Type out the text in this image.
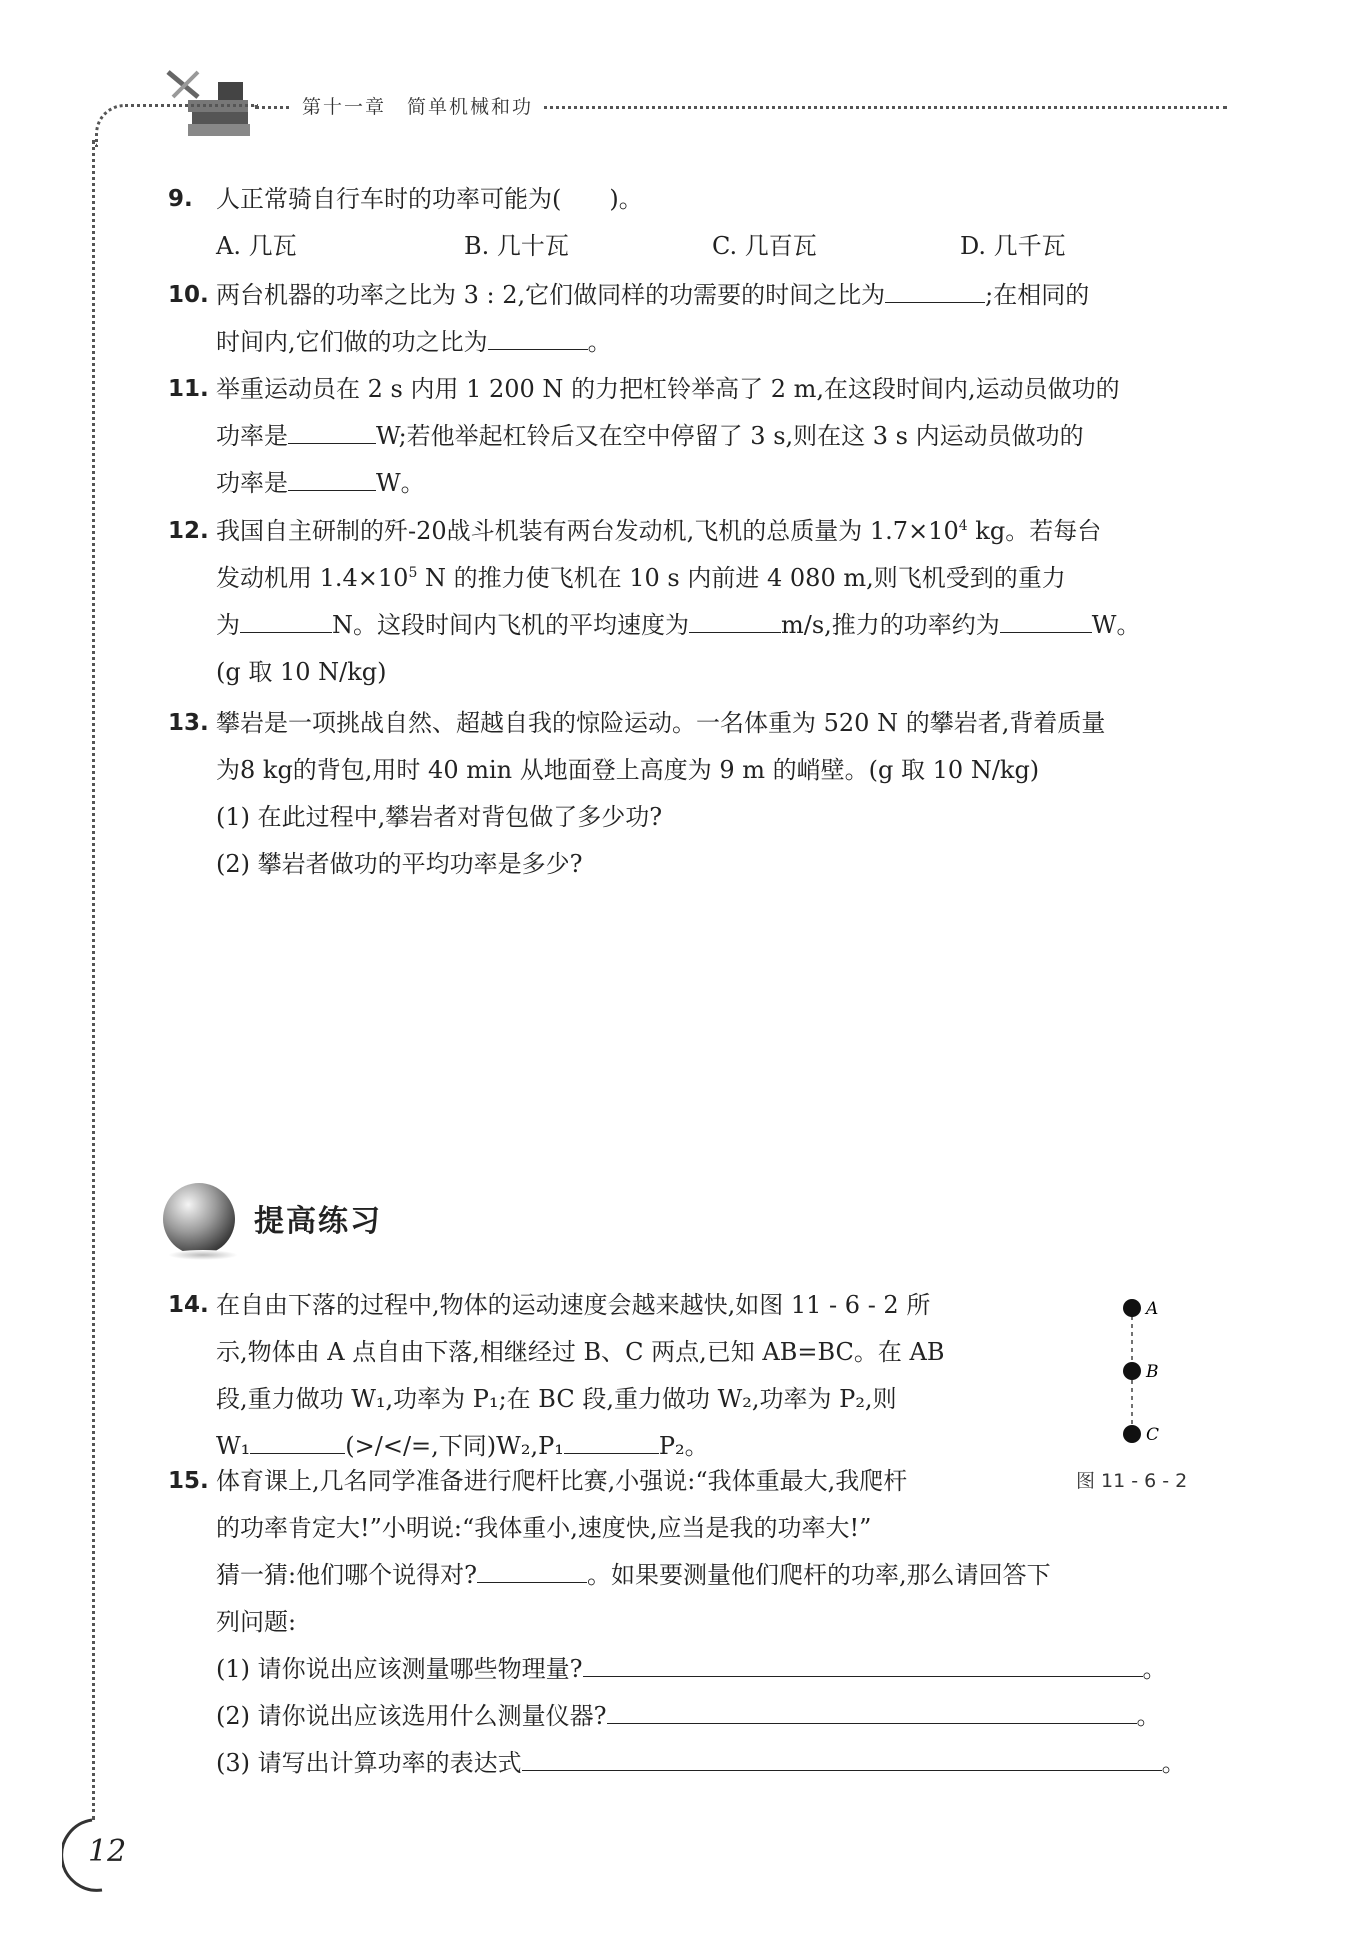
第十一章　简单机械和功
9. 人正常骑自行车时的功率可能为(　　)。
A. 几瓦	B. 几十瓦	C. 几百瓦	D. 几千瓦
10. 两台机器的功率之比为 3 : 2,它们做同样的功需要的时间之比为	;在相同的
时间内,它们做的功之比为	。
11. 举重运动员在 2 s 内用 1 200 N 的力把杠铃举高了 2 m,在这段时间内,运动员做功的
功率是	W;若他举起杠铃后又在空中停留了 3 s,则在这 3 s 内运动员做功的
功率是	W。
12. 我国自主研制的歼-20战斗机装有两台发动机,飞机的总质量为 $1.7\times 10^4$ kg。若每台
发动机用 $1.4\times 10^5$ N 的推力使飞机在 10 s 内前进 4 080 m,则飞机受到的重力
为	N。这段时间内飞机的平均速度为	m/s,推力的功率约为	W。
(g 取 10 N/kg)
13. 攀岩是一项挑战自然、超越自我的惊险运动。一名体重为 520 N 的攀岩者,背着质量
为8 kg的背包,用时 40 min 从地面登上高度为 9 m 的峭壁。(g 取 10 N/kg)
(1) 在此过程中,攀岩者对背包做了多少功?
(2) 攀岩者做功的平均功率是多少?
提高练习
14. 在自由下落的过程中,物体的运动速度会越来越快,如图 11 - 6 - 2 所
示,物体由 A 点自由下落,相继经过 B、C 两点,已知 AB=BC。在 AB
段,重力做功 W₁,功率为 P₁;在 BC 段,重力做功 W₂,功率为 P₂,则
W₁	(>/</=,下同)W₂,P₁	P₂。
A
B
C
图 11 - 6 - 2
15. 体育课上,几名同学准备进行爬杆比赛,小强说:“我体重最大,我爬杆
的功率肯定大!”小明说:“我体重小,速度快,应当是我的功率大!”
猜一猜:他们哪个说得对?	。如果要测量他们爬杆的功率,那么请回答下
列问题:
(1) 请你说出应该测量哪些物理量?	。
(2) 请你说出应该选用什么测量仪器?	。
(3) 请写出计算功率的表达式	。
12
